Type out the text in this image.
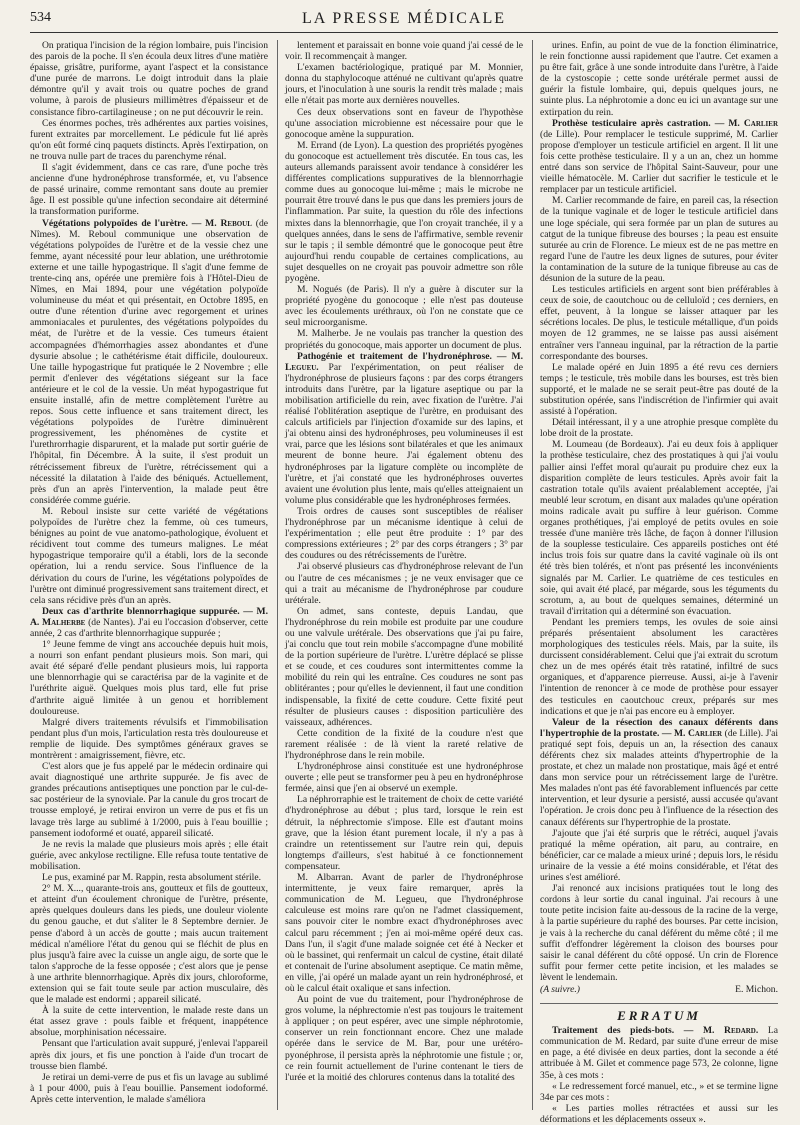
534	LA PRESSE MÉDICALE

On pratiqua l'incision de la région lombaire, puis l'incision des parois de la poche. Il s'en écoula deux litres d'une matière épaisse, grisâtre, puriforme, ayant l'aspect et la consistance d'une purée de marrons. Le doigt introduit dans la plaie démontre qu'il y avait trois ou quatre poches de grand volume, à parois de plusieurs millimètres d'épaisseur et de consistance fibro-cartilagineuse ; on ne put découvrir le rein.

Ces énormes poches, très adhérentes aux parties voisines, furent extraites par morcellement. Le pédicule fut lié après qu'on eût formé cinq paquets distincts. Après l'extirpation, on ne trouva nulle part de traces du parenchyme rénal.

Il s'agit évidemment, dans ce cas rare, d'une poche très ancienne d'une hydronéphrose transformée, et, vu l'absence de passé urinaire, comme remontant sans doute au premier âge. Il est possible qu'une infection secondaire ait déterminé la transformation puriforme.

Végétations polypoïdes de l'urètre. — M. Reboul (de Nîmes). M. Reboul communique une observation de végétations polypoïdes de l'urètre et de la vessie chez une femme, ayant nécessité pour leur ablation, une uréthrotomie externe et une taille hypogastrique. Il s'agit d'une femme de trente-cinq ans, opérée une première fois à l'Hôtel-Dieu de Nîmes, en Mai 1894, pour une végétation polypoïde volumineuse du méat et qui présentait, en Octobre 1895, en outre d'une rétention d'urine avec regorgement et urines ammoniacales et purulentes, des végétations polypoïdes du méat, de l'urètre et de la vessie. Ces tumeurs étaient accompagnées d'hémorrhagies assez abondantes et d'une dysurie absolue ; le cathétérisme était difficile, douloureux. Une taille hypogastrique fut pratiquée le 2 Novembre ; elle permit d'enlever des végétations siégeant sur la face antérieure et le col de la vessie. Un méat hypogastrique fut ensuite installé, afin de mettre complètement l'urètre au repos. Sous cette influence et sans traitement direct, les végétations polypoïdes de l'urètre diminuèrent progressivement, les phénomènes de cystite et l'urethrorrhagie disparurent, et la malade put sortir guérie de l'hôpital, fin Décembre. À la suite, il s'est produit un rétrécissement fibreux de l'urètre, rétrécissement qui a nécessité la dilatation à l'aide des béniqués. Actuellement, près d'un an après l'intervention, la malade peut être considérée comme guérie.

M. Reboul insiste sur cette variété de végétations polypoïdes de l'urètre chez la femme, où ces tumeurs, bénignes au point de vue anatomo-pathologique, évoluent et récidivent tout comme des tumeurs malignes. Le méat hypogastrique temporaire qu'il a établi, lors de la seconde opération, lui a rendu service. Sous l'influence de la dérivation du cours de l'urine, les végétations polypoïdes de l'urètre ont diminué progressivement sans traitement direct, et cela sans récidive près d'un an après.

Deux cas d'arthrite blennorrhagique suppurée. — M. A. Malherbe (de Nantes). J'ai eu l'occasion d'observer, cette année, 2 cas d'arthrite blennorrhagique suppurée ;

1° Jeune femme de vingt ans accouchée depuis huit mois, a nourri son enfant pendant plusieurs mois. Son mari, qui avait été séparé d'elle pendant plusieurs mois, lui rapporta une blennorrhagie qui se caractérisa par de la vaginite et de l'uréthrite aiguë. Quelques mois plus tard, elle fut prise d'arthrite aiguë limitée à un genou et horriblement douloureuse.

Malgré divers traitements révulsifs et l'immobilisation pendant plus d'un mois, l'articulation resta très douloureuse et remplie de liquide. Des symptômes généraux graves se montrèrent : amaigrissement, fièvre, etc.

C'est alors que je fus appelé par le médecin ordinaire qui avait diagnostiqué une arthrite suppurée. Je fis avec de grandes précautions antiseptiques une ponction par le cul-de-sac postérieur de la synoviale. Par la canule du gros trocart de trousse employé, je retirai environ un verre de pus et fis un lavage très large au sublimé à 1/2000, puis à l'eau bouillie ; pansement iodoformé et ouaté, appareil silicaté.

Je ne revis la malade que plusieurs mois après ; elle était guérie, avec ankylose rectiligne. Elle refusa toute tentative de mobilisation.

Le pus, examiné par M. Rappin, resta absolument stérile.

2° M. X..., quarante-trois ans, goutteux et fils de goutteux, et atteint d'un écoulement chronique de l'urètre, présente, après quelques douleurs dans les pieds, une douleur violente du genou gauche, et dut s'aliter le 8 Septembre dernier. Je pense d'abord à un accès de goutte ; mais aucun traitement médical n'améliore l'état du genou qui se fléchit de plus en plus jusqu'à faire avec la cuisse un angle aigu, de sorte que le talon s'approche de la fesse opposée ; c'est alors que je pense à une arthrite blennorrhagique. Après dix jours, chloroforme, extension qui se fait toute seule par action musculaire, dès que le malade est endormi ; appareil silicaté.

À la suite de cette intervention, le malade reste dans un état assez grave : pouls faible et fréquent, inappétence absolue, morphinisation nécessaire.

Pensant que l'articulation avait suppuré, j'enlevai l'appareil après dix jours, et fis une ponction à l'aide d'un trocart de trousse bien flambé.

Je retirai un demi-verre de pus et fis un lavage au sublimé à 1 pour 4000, puis à l'eau bouillie. Pansement iodoformé. Après cette intervention, le malade s'améliora

lentement et paraissait en bonne voie quand j'ai cessé de le voir. Il recommençait à manger.

L'examen bactériologique, pratiqué par M. Monnier, donna du staphylocoque atténué ne cultivant qu'après quatre jours, et l'inoculation à une souris la rendit très malade ; mais elle n'était pas morte aux dernières nouvelles.

Ces deux observations sont en faveur de l'hypothèse qu'une association microbienne est nécessaire pour que le gonocoque amène la suppuration.

M. Errand (de Lyon). La question des propriétés pyogènes du gonocoque est actuellement très discutée. En tous cas, les auteurs allemands paraissent avoir tendance à considérer les différentes complications suppuratives de la blennorrhagie comme dues au gonocoque lui-même ; mais le microbe ne pourrait être trouvé dans le pus que dans les premiers jours de l'inflammation. Par suite, la question du rôle des infections mixtes dans la blennorrhagie, que l'on croyait tranchée, il y a quelques années, dans le sens de l'affirmative, semble revenir sur le tapis ; il semble démontré que le gonocoque peut être aujourd'hui rendu coupable de certaines complications, au sujet desquelles on ne croyait pas pouvoir admettre son rôle pyogène.

M. Nogués (de Paris). Il n'y a guère à discuter sur la propriété pyogène du gonocoque ; elle n'est pas douteuse avec les écoulements uréthraux, où l'on ne constate que ce seul microorganisme.

M. Malherbe. Je ne voulais pas trancher la question des propriétés du gonocoque, mais apporter un document de plus.

Pathogénie et traitement de l'hydronéphrose. — M. Legueu. Par l'expérimentation, on peut réaliser de l'hydronéphrose de plusieurs façons : par des corps étrangers introduits dans l'urètre, par la ligature aseptique ou par la mobilisation artificielle du rein, avec fixation de l'urètre. J'ai réalisé l'oblitération aseptique de l'urètre, en produisant des calculs artificiels par l'injection d'oxamide sur des lapins, et j'ai obtenu ainsi des hydronéphroses, peu volumineuses il est vrai, parce que les lésions sont bilatérales et que les animaux meurent de bonne heure. J'ai également obtenu des hydronéphroses par la ligature complète ou incomplète de l'urètre, et j'ai constaté que les hydronéphroses ouvertes avaient une évolution plus lente, mais qu'elles atteignaient un volume plus considérable que les hydronéphroses fermées.

Trois ordres de causes sont susceptibles de réaliser l'hydronéphrose par un mécanisme identique à celui de l'expérimentation ; elle peut être produite : 1° par des compressions extérieures ; 2° par des corps étrangers ; 3° par des coudures ou des rétrécissements de l'urètre.

J'ai observé plusieurs cas d'hydronéphrose relevant de l'un ou l'autre de ces mécanismes ; je ne veux envisager que ce qui a trait au mécanisme de l'hydronéphrose par coudure urétérale.

On admet, sans conteste, depuis Landau, que l'hydronéphrose du rein mobile est produite par une coudure ou une valvule urétérale. Des observations que j'ai pu faire, j'ai conclu que tout rein mobile s'accompagne d'une mobilité de la portion supérieure de l'urètre. L'urètre déplacé se plisse et se coude, et ces coudures sont intermittentes comme la mobilité du rein qui les entraîne. Ces coudures ne sont pas oblitérantes ; pour qu'elles le deviennent, il faut une condition indispensable, la fixité de cette coudure. Cette fixité peut résulter de plusieurs causes : disposition particulière des vaisseaux, adhérences.

Cette condition de la fixité de la coudure n'est que rarement réalisée : de là vient la rareté relative de l'hydronéphrose dans le rein mobile.

L'hydronéphrose ainsi constituée est une hydronéphrose ouverte ; elle peut se transformer peu à peu en hydronéphrose fermée, ainsi que j'en ai observé un exemple.

La néphrorraphie est le traitement de choix de cette variété d'hydronéphrose au début ; plus tard, lorsque le rein est détruit, la néphrectomie s'impose. Elle est d'autant moins grave, que la lésion étant purement locale, il n'y a pas à craindre un retentissement sur l'autre rein qui, depuis longtemps d'ailleurs, s'est habitué à ce fonctionnement compensateur.

M. Albarran. Avant de parler de l'hydronéphrose intermittente, je veux faire remarquer, après la communication de M. Legueu, que l'hydronéphrose calculeuse est moins rare qu'on ne l'admet classiquement, sans pouvoir citer le nombre exact d'hydronéphroses avec calcul paru récemment ; j'en ai moi-même opéré deux cas. Dans l'un, il s'agit d'une malade soignée cet été à Necker et où le bassinet, qui renfermait un calcul de cystine, était dilaté et contenait de l'urine absolument aseptique. Ce matin même, en ville, j'ai opéré un malade ayant un rein hydronéphrosé, et où le calcul était oxalique et sans infection.

Au point de vue du traitement, pour l'hydronéphrose de gros volume, la néphrectomie n'est pas toujours le traitement à appliquer ; on peut espérer, avec une simple néphrotomie, conserver un rein fonctionnant encore. Chez une malade opérée dans le service de M. Bar, pour une urétéro-pyonéphrose, il persista après la néphrotomie une fistule ; or, ce rein fournit actuellement de l'urine contenant le tiers de l'urée et la moitié des chlorures contenus dans la totalité des

urines. Enfin, au point de vue de la fonction éliminatrice, le rein fonctionne aussi rapidement que l'autre. Cet examen a pu être fait, grâce à une sonde introduite dans l'urètre, à l'aide de la cystoscopie ; cette sonde urétérale permet aussi de guérir la fistule lombaire, qui, depuis quelques jours, ne suinte plus. La néphrotomie a donc eu ici un avantage sur une extirpation du rein.

Prothèse testiculaire après castration. — M. Carlier (de Lille). Pour remplacer le testicule supprimé, M. Carlier propose d'employer un testicule artificiel en argent. Il lit une fois cette prothèse testiculaire. Il y a un an, chez un homme entré dans son service de l'hôpital Saint-Sauveur, pour une vieille hématocèle. M. Carlier dut sacrifier le testicule et le remplacer par un testicule artificiel.

M. Carlier recommande de faire, en pareil cas, la résection de la tunique vaginale et de loger le testicule artificiel dans une loge spéciale, qui sera formée par un plan de sutures au catgut de la tunique fibreuse des bourses ; la peau est ensuite suturée au crin de Florence. Le mieux est de ne pas mettre en regard l'une de l'autre les deux lignes de sutures, pour éviter la contamination de la suture de la tunique fibreuse au cas de désunion de la suture de la peau.

Les testicules artificiels en argent sont bien préférables à ceux de soie, de caoutchouc ou de celluloïd ; ces derniers, en effet, peuvent, à la longue se laisser attaquer par les sécrétions locales. De plus, le testicule métallique, d'un poids moyen de 12 grammes, ne se laisse pas aussi aisément entraîner vers l'anneau inguinal, par la rétraction de la partie correspondante des bourses.

Le malade opéré en Juin 1895 a été revu ces derniers temps ; le testicule, très mobile dans les bourses, est très bien supporté, et le malade ne se serait peut-être pas douté de la substitution opérée, sans l'indiscrétion de l'infirmier qui avait assisté à l'opération.

Détail intéressant, il y a une atrophie presque complète du lobe droit de la prostate.

M. Loumeau (de Bordeaux). J'ai eu deux fois à appliquer la prothèse testiculaire, chez des prostatiques à qui j'ai voulu pallier ainsi l'effet moral qu'aurait pu produire chez eux la disparition complète de leurs testicules. Après avoir fait la castration totale qu'ils avaient préalablement acceptée, j'ai meublé leur scrotum, en disant aux malades qu'une opération moins radicale avait pu suffire à leur guérison. Comme organes prothétiques, j'ai employé de petits ovules en soie tressée d'une manière très lâche, de façon à donner l'illusion de la souplesse testiculaire. Ces appareils postiches ont été inclus trois fois sur quatre dans la cavité vaginale où ils ont été très bien tolérés, et n'ont pas présenté les inconvénients signalés par M. Carlier. Le quatrième de ces testicules en soie, qui avait été placé, par mégarde, sous les téguments du scrotum, a, au bout de quelques semaines, déterminé un travail d'irritation qui a déterminé son évacuation.

Pendant les premiers temps, les ovules de soie ainsi préparés présentaient absolument les caractères morphologiques des testicules réels. Mais, par la suite, ils durcissent considérablement. Celui que j'ai extrait du scrotum chez un de mes opérés était très ratatiné, infiltré de sucs organiques, et d'apparence pierreuse. Aussi, ai-je à l'avenir l'intention de renoncer à ce mode de prothèse pour essayer des testicules en caoutchouc creux, préparés sur mes indications et que je n'ai pas encore eu à employer.

Valeur de la résection des canaux déférents dans l'hypertrophie de la prostate. — M. Carlier (de Lille). J'ai pratiqué sept fois, depuis un an, la résection des canaux déférents chez six malades atteints d'hypertrophie de la prostate, et chez un malade non prostatique, mais âgé et entré dans mon service pour un rétrécissement large de l'urètre. Mes malades n'ont pas été favorablement influencés par cette intervention, et leur dysurie a persisté, aussi accusée qu'avant l'opération. Je crois donc peu à l'influence de la résection des canaux déférents sur l'hypertrophie de la prostate.

J'ajoute que j'ai été surpris que le rétréci, auquel j'avais pratiqué la même opération, ait paru, au contraire, en bénéficier, car ce malade a mieux uriné ; depuis lors, le résidu urinaire de la vessie a été moins considérable, et l'état des urines s'est amélioré.

J'ai renoncé aux incisions pratiquées tout le long des cordons à leur sortie du canal inguinal. J'ai recours à une toute petite incision faite au-dessous de la racine de la verge, à la partie supérieure du raphé des bourses. Par cette incision, je vais à la recherche du canal déférent du même côté ; il me suffit d'effondrer légèrement la cloison des bourses pour saisir le canal déférent du côté opposé. Un crin de Florence suffit pour fermer cette petite incision, et les malades se lèvent le lendemain.

(A suivre.)	E. Michon.

ERRATUM

Traitement des pieds-bots. — M. Redard. La communication de M. Redard, par suite d'une erreur de mise en page, a été divisée en deux parties, dont la seconde a été attribuée à M. Gilet et commence page 573, 2e colonne, ligne 35e, à ces mots :

« Le redressement forcé manuel, etc., » et se termine ligne 34e par ces mots :

« Les parties molles rétractées et aussi sur les déformations et les déplacements osseux ».
